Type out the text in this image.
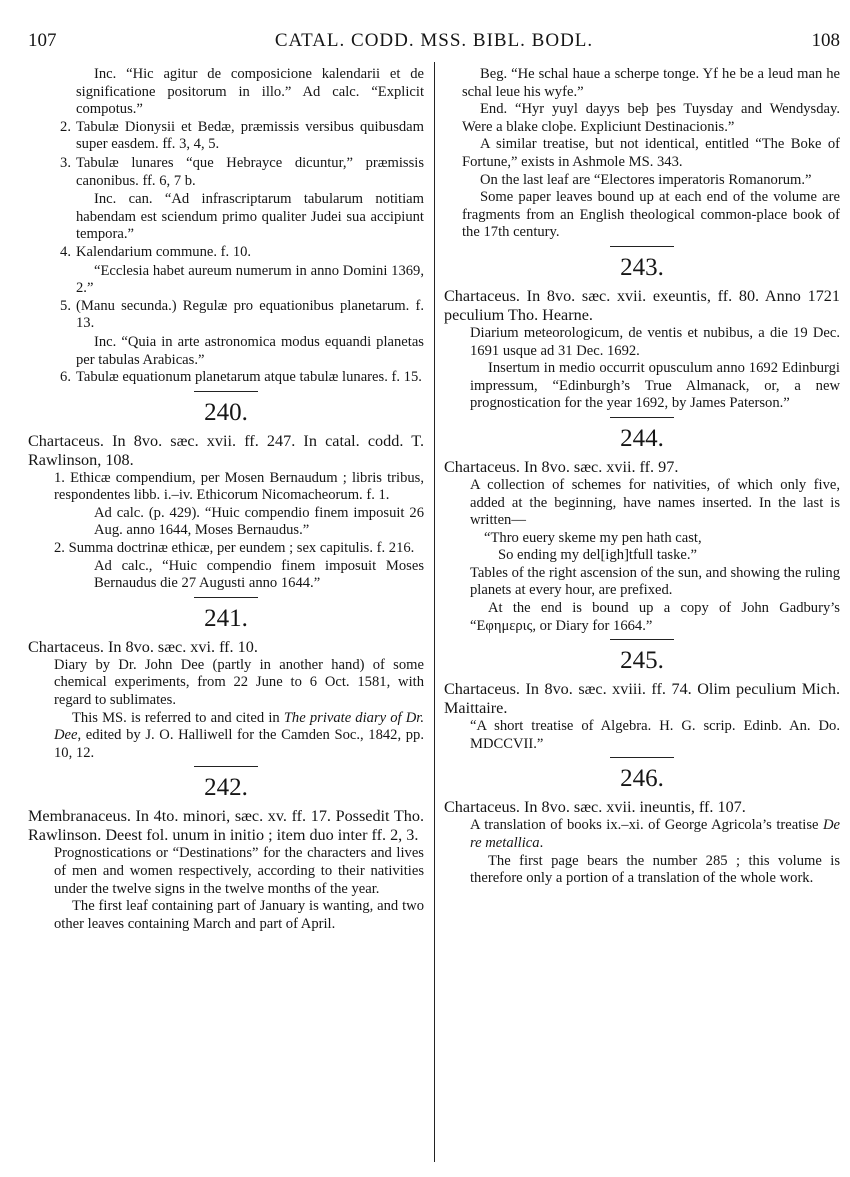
107	CATAL. CODD. MSS. BIBL. BODL.	108

Inc. “Hic agitur de composicione kalendarii et de significatione positorum in illo.” Ad calc. “Explicit compotus.”

2. Tabulæ Dionysii et Bedæ, præmissis versibus quibusdam super easdem. ff. 3, 4, 5.
3. Tabulæ lunares “que Hebrayce dicuntur,” præmissis canonibus. ff. 6, 7 b.

Inc. can. “Ad infrascriptarum tabularum notitiam habendam est sciendum primo qualiter Judei sua accipiunt tempora.”

4. Kalendarium commune. f. 10.

“Ecclesia habet aureum numerum in anno Domini 1369, 2.”

5. (Manu secunda.) Regulæ pro equationibus planetarum. f. 13.

Inc. “Quia in arte astronomica modus equandi planetas per tabulas Arabicas.”

6. Tabulæ equationum planetarum atque tabulæ lunares. f. 15.
240.

Chartaceus. In 8vo. sæc. xvii. ff. 247. In catal. codd. T. Rawlinson, 108.

1. Ethicæ compendium, per Mosen Bernaudum ; libris tribus, respondentes libb. i.–iv. Ethicorum Nicomacheorum. f. 1.

Ad calc. (p. 429). “Huic compendio finem imposuit 26 Aug. anno 1644, Moses Bernaudus.”

2. Summa doctrinæ ethicæ, per eundem ; sex capitulis. f. 216.

Ad calc., “Huic compendio finem imposuit Moses Bernaudus die 27 Augusti anno 1644.”

241.

Chartaceus. In 8vo. sæc. xvi. ff. 10.

Diary by Dr. John Dee (partly in another hand) of some chemical experiments, from 22 June to 6 Oct. 1581, with regard to sublimates.

This MS. is referred to and cited in The private diary of Dr. Dee, edited by J. O. Halliwell for the Camden Soc., 1842, pp. 10, 12.

242.

Membranaceus. In 4to. minori, sæc. xv. ff. 17. Possedit Tho. Rawlinson. Deest fol. unum in initio ; item duo inter ff. 2, 3.

Prognostications or “Destinations” for the characters and lives of men and women respectively, according to their nativities under the twelve signs in the twelve months of the year.

The first leaf containing part of January is wanting, and two other leaves containing March and part of April.

Beg. “He schal haue a scherpe tonge. Yf he be a leud man he schal leue his wyfe.”

End. “Hyr yuyl dayys beþ þes Tuysday and Wendysday. Were a blake cloþe. Expliciunt Destinacionis.”

A similar treatise, but not identical, entitled “The Boke of Fortune,” exists in Ashmole MS. 343.

On the last leaf are “Electores imperatoris Romanorum.”

Some paper leaves bound up at each end of the volume are fragments from an English theological common-place book of the 17th century.

243.

Chartaceus. In 8vo. sæc. xvii. exeuntis, ff. 80. Anno 1721 peculium Tho. Hearne.

Diarium meteorologicum, de ventis et nubibus, a die 19 Dec. 1691 usque ad 31 Dec. 1692.

Insertum in medio occurrit opusculum anno 1692 Edinburgi impressum, “Edinburgh’s True Almanack, or, a new prognostication for the year 1692, by James Paterson.”

244.

Chartaceus. In 8vo. sæc. xvii. ff. 97.

A collection of schemes for nativities, of which only five, added at the beginning, have names inserted. In the last is written—

“Thro euery skeme my pen hath cast,

So ending my del[igh]tfull taske.”

Tables of the right ascension of the sun, and showing the ruling planets at every hour, are prefixed.

At the end is bound up a copy of John Gadbury’s “Εφημερις, or Diary for 1664.”

245.

Chartaceus. In 8vo. sæc. xviii. ff. 74. Olim peculium Mich. Maittaire.

“A short treatise of Algebra. H. G. scrip. Edinb. An. Do. MDCCVII.”

246.

Chartaceus. In 8vo. sæc. xvii. ineuntis, ff. 107.

A translation of books ix.–xi. of George Agricola’s treatise De re metallica.

The first page bears the number 285 ; this volume is therefore only a portion of a translation of the whole work.
